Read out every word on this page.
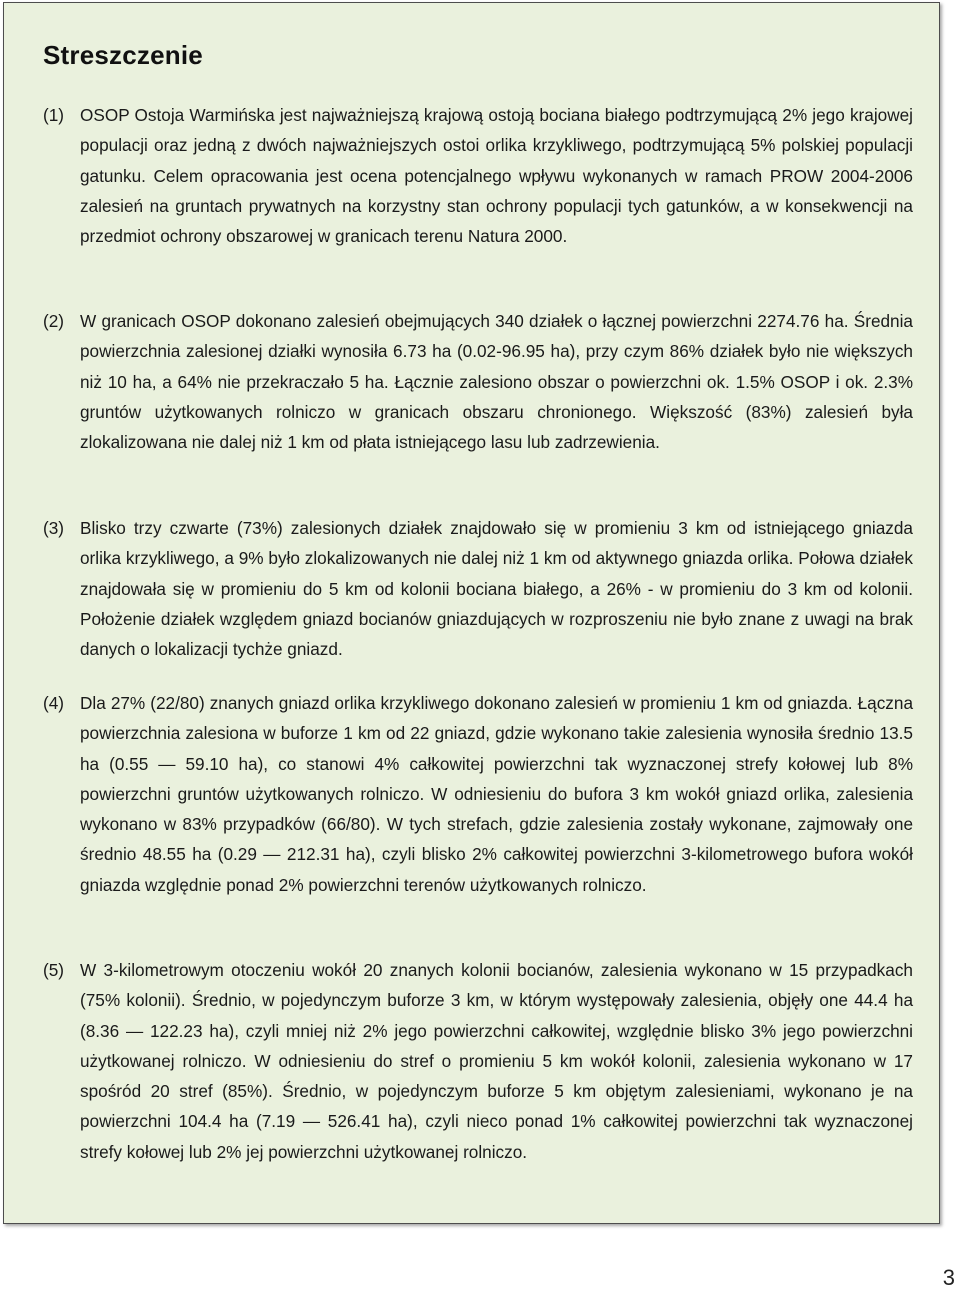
Streszczenie
(1) OSOP Ostoja Warmińska jest najważniejszą krajową ostoją bociana białego podtrzymującą 2% jego krajowej populacji oraz jedną z dwóch najważniejszych ostoi orlika krzykliwego, podtrzymującą 5% polskiej populacji gatunku. Celem opracowania jest ocena potencjalnego wpływu wykonanych w ramach PROW 2004-2006 zalesień na gruntach prywatnych na korzystny stan ochrony populacji tych gatunków, a w konsekwencji na przedmiot ochrony obszarowej w granicach terenu Natura 2000.
(2) W granicach OSOP dokonano zalesień obejmujących 340 działek o łącznej powierzchni 2274.76 ha. Średnia powierzchnia zalesionej działki wynosiła 6.73 ha (0.02-96.95 ha), przy czym 86% działek było nie większych niż 10 ha, a 64% nie przekraczało 5 ha. Łącznie zalesiono obszar o powierzchni ok. 1.5% OSOP i ok. 2.3% gruntów użytkowanych rolniczo w granicach obszaru chronionego. Większość (83%) zalesień była zlokalizowana nie dalej niż 1 km od płata istniejącego lasu lub zadrzewienia.
(3) Blisko trzy czwarte (73%) zalesionych działek znajdowało się w promieniu 3 km od istniejącego gniazda orlika krzykliwego, a 9% było zlokalizowanych nie dalej niż 1 km od aktywnego gniazda orlika. Połowa działek znajdowała się w promieniu do 5 km od kolonii bociana białego, a 26% - w promieniu do 3 km od kolonii. Położenie działek względem gniazd bocianów gniazdujących w rozproszeniu nie było znane z uwagi na brak danych o lokalizacji tychże gniazd.
(4) Dla 27% (22/80) znanych gniazd orlika krzykliwego dokonano zalesień w promieniu 1 km od gniazda. Łączna powierzchnia zalesiona w buforze 1 km od 22 gniazd, gdzie wykonano takie zalesienia wynosiła średnio 13.5 ha (0.55 — 59.10 ha), co stanowi 4% całkowitej powierzchni tak wyznaczonej strefy kołowej lub 8% powierzchni gruntów użytkowanych rolniczo. W odniesieniu do bufora 3 km wokół gniazd orlika, zalesienia wykonano w 83% przypadków (66/80). W tych strefach, gdzie zalesienia zostały wykonane, zajmowały one średnio 48.55 ha (0.29 — 212.31 ha), czyli blisko 2% całkowitej powierzchni 3-kilometrowego bufora wokół gniazda względnie ponad 2% powierzchni terenów użytkowanych rolniczo.
(5) W 3-kilometrowym otoczeniu wokół 20 znanych kolonii bocianów, zalesienia wykonano w 15 przypadkach (75% kolonii). Średnio, w pojedynczym buforze 3 km, w którym występowały zalesienia, objęły one 44.4 ha (8.36 — 122.23 ha), czyli mniej niż 2% jego powierzchni całkowitej, względnie blisko 3% jego powierzchni użytkowanej rolniczo. W odniesieniu do stref o promieniu 5 km wokół kolonii, zalesienia wykonano w 17 spośród 20 stref (85%). Średnio, w pojedynczym buforze 5 km objętym zalesieniami, wykonano je na powierzchni 104.4 ha (7.19 — 526.41 ha), czyli nieco ponad 1% całkowitej powierzchni tak wyznaczonej strefy kołowej lub 2% jej powierzchni użytkowanej rolniczo.
3
